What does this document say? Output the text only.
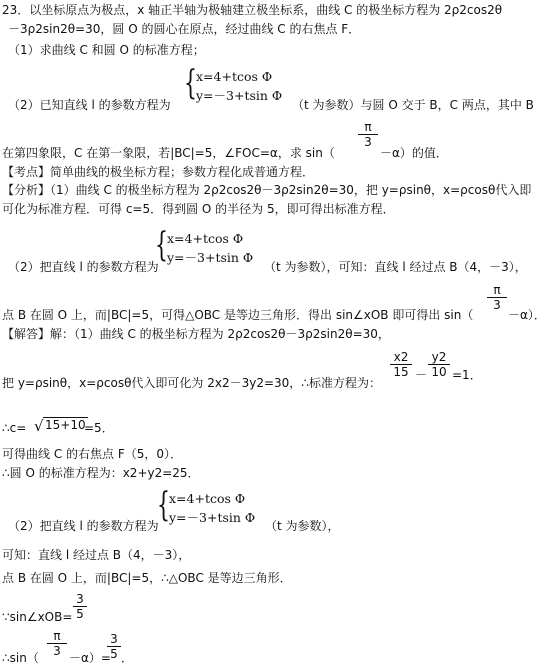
23．以坐标原点为极点，x 轴正半轴为极轴建立极坐标系，曲线 C 的极坐标方程为 2ρ2cos2θ
－3ρ2sin2θ=30，圆 O 的圆心在原点，经过曲线 C 的右焦点 F．
（1）求曲线 C 和圆 O 的标准方程；
（2）已知直线 l 的参数方程为
{ x=4+tcos Φ
y=－3+tsin Φ
（t 为参数）与圆 O 交于 B，C 两点，其中 B
在第四象限，C 在第一象限，若|BC|=5，∠FOC=α，求 sin（
π
3
－α）的值．
【考点】简单曲线的极坐标方程；参数方程化成普通方程．
【分析】（1）曲线 C 的极坐标方程为 2ρ2cos2θ－3ρ2sin2θ=30，把 y=ρsinθ，x=ρcosθ代入即
可化为标准方程．可得 c=5．得到圆 O 的半径为 5，即可得出标准方程．
（2）把直线 l 的参数方程为
{ x=4+tcos Φ
y=－3+tsin Φ
（t 为参数），可知：直线 l 经过点 B（4，－3），
点 B 在圆 O 上，而|BC|=5，可得△OBC 是等边三角形．得出 sin∠xOB 即可得出 sin（
π
3
－α）．
【解答】解：（1）曲线 C 的极坐标方程为 2ρ2cos2θ－3ρ2sin2θ=30，
把 y=ρsinθ，x=ρcosθ代入即可化为 2x2－3y2=30，∴标准方程为：
x2
15 －
y2
10 =1．
∴c= √ 15+10
=5．
可得曲线 C 的右焦点 F（5，0）．
∴圆 O 的标准方程为：x2+y2=25．
（2）把直线 l 的参数方程为
{ x=4+tcos Φ
y=－3+tsin Φ
（t 为参数），
可知：直线 l 经过点 B（4，－3），
点 B 在圆 O 上，而|BC|=5，∴△OBC 是等边三角形．
∵sin∠xOB=
3
5
∴sin（
π
3 －α）=
3
5 ．
